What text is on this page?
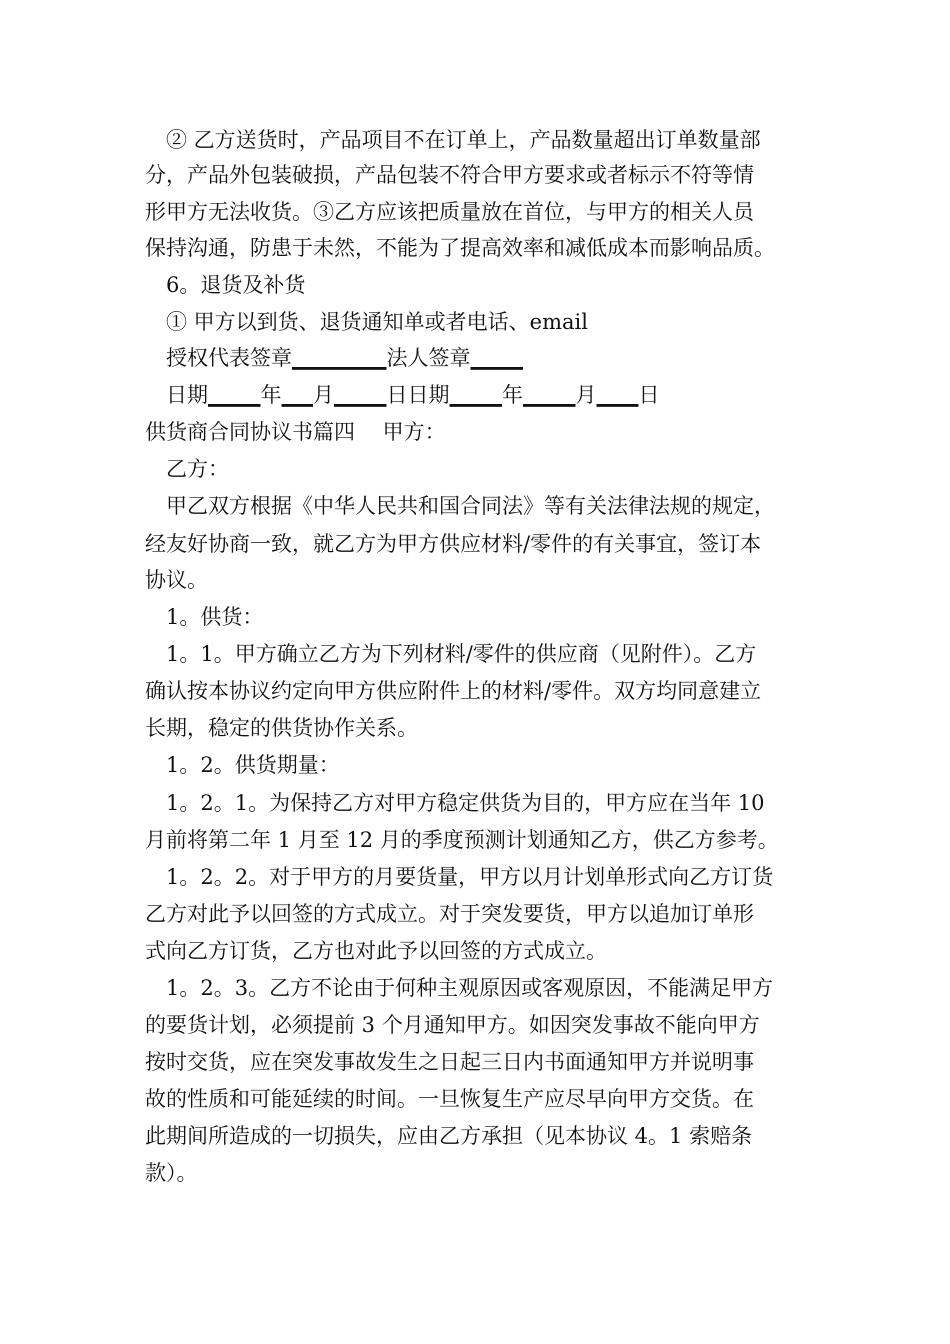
② 乙方送货时，产品项目不在订单上，产品数量超出订单数量部
分，产品外包装破损，产品包装不符合甲方要求或者标示不符等情
形甲方无法收货。③乙方应该把质量放在首位，与甲方的相关人员
保持沟通，防患于未然，不能为了提高效率和减低成本而影响品质。
6。退货及补货
① 甲方以到货、退货通知单或者电话、email
授权代表签章_________法人签章_____
日期_____年___月_____日日期_____年_____月____日
供货商合同协议书篇四　 甲方：
乙方：
甲乙双方根据《中华人民共和国合同法》等有关法律法规的规定，
经友好协商一致，就乙方为甲方供应材料/零件的有关事宜，签订本
协议。
1。供货：
1。1。甲方确立乙方为下列材料/零件的供应商（见附件）。乙方
确认按本协议约定向甲方供应附件上的材料/零件。双方均同意建立
长期，稳定的供货协作关系。
1。2。供货期量：
1。2。1。为保持乙方对甲方稳定供货为目的，甲方应在当年 10
月前将第二年 1 月至 12 月的季度预测计划通知乙方，供乙方参考。
1。2。2。对于甲方的月要货量，甲方以月计划单形式向乙方订货
乙方对此予以回签的方式成立。对于突发要货，甲方以追加订单形
式向乙方订货，乙方也对此予以回签的方式成立。
1。2。3。乙方不论由于何种主观原因或客观原因，不能满足甲方
的要货计划，必须提前 3 个月通知甲方。如因突发事故不能向甲方
按时交货，应在突发事故发生之日起三日内书面通知甲方并说明事
故的性质和可能延续的时间。一旦恢复生产应尽早向甲方交货。在
此期间所造成的一切损失，应由乙方承担（见本协议 4。1 索赔条
款）。
